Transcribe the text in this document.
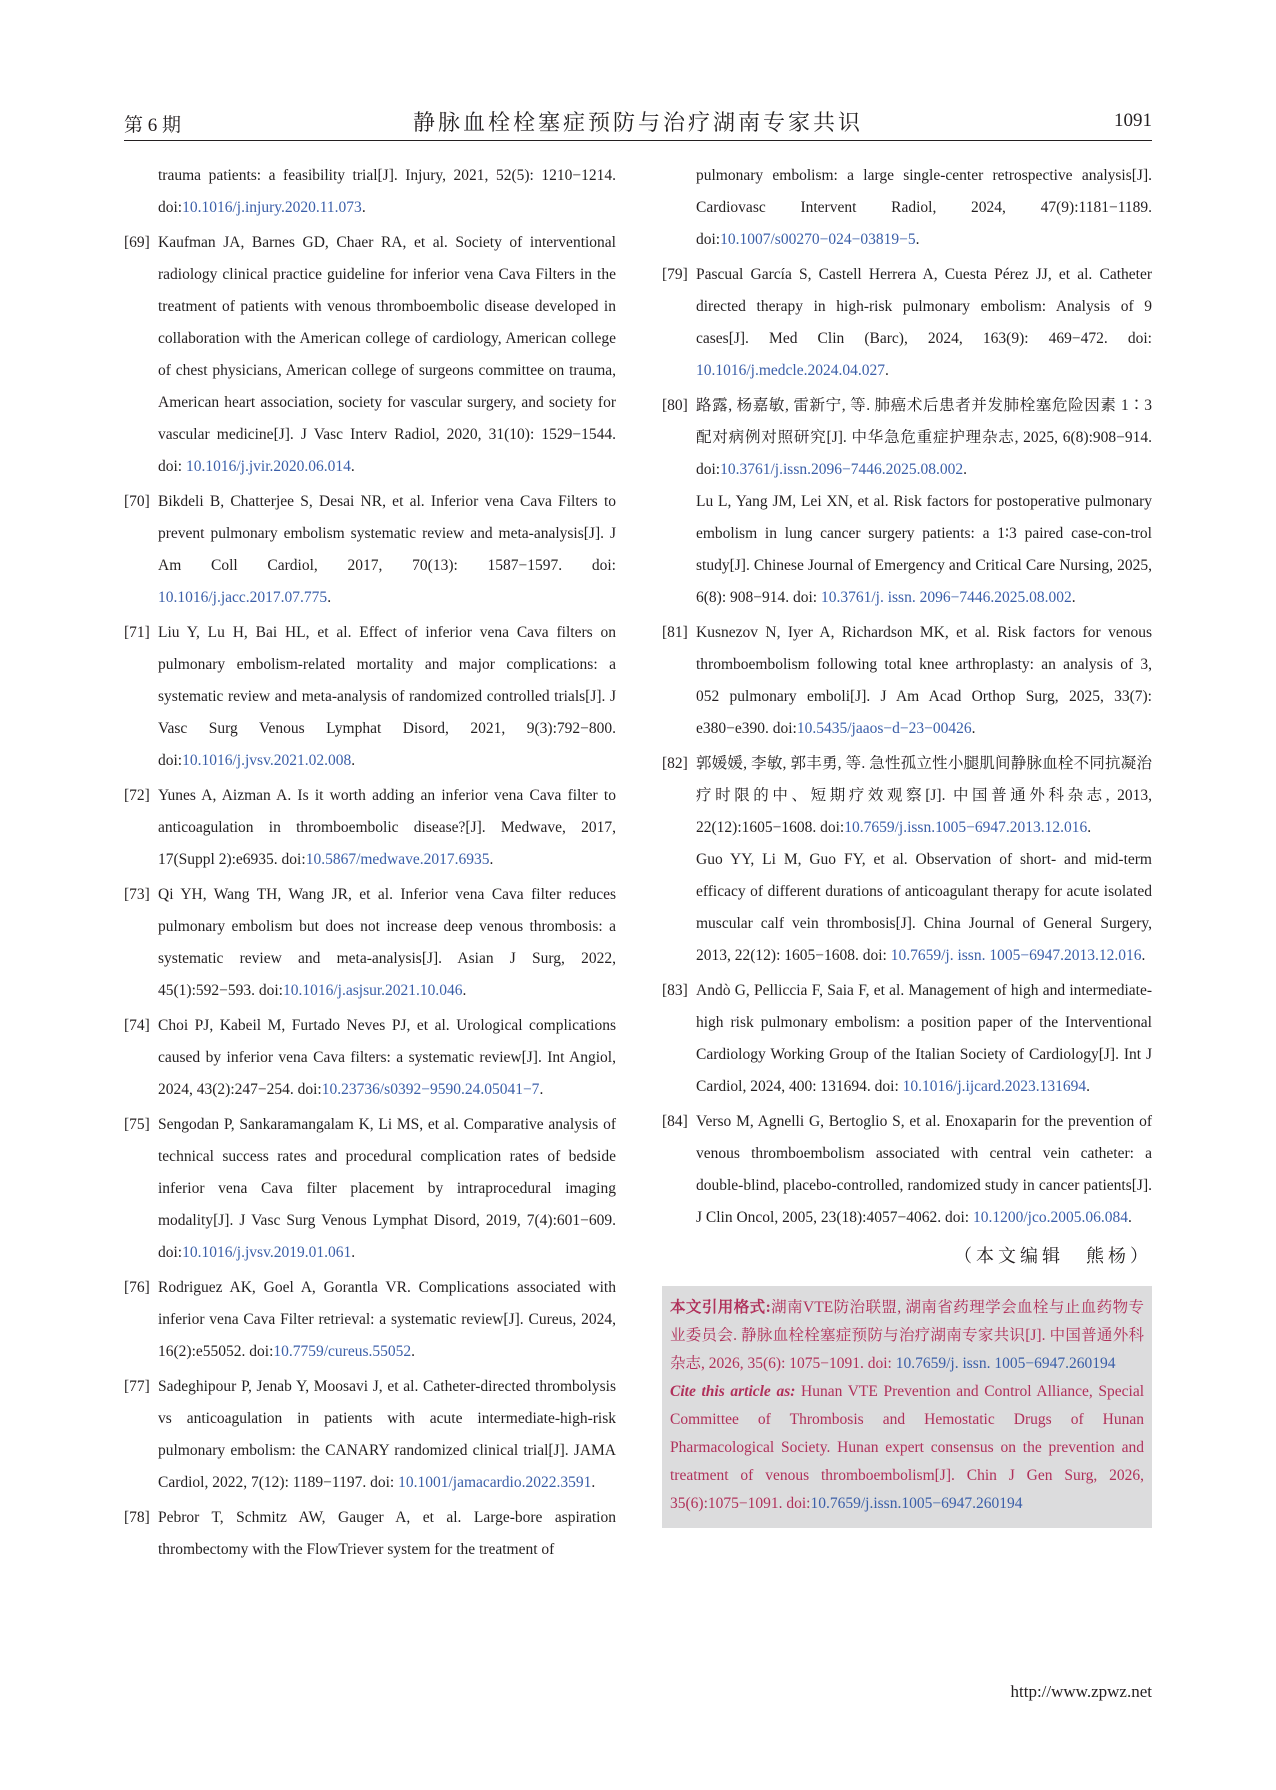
第 6 期	静脉血栓栓塞症预防与治疗湖南专家共识	1091
trauma patients: a feasibility trial[J]. Injury, 2021, 52(5): 1210−1214. doi:10.1016/j.injury.2020.11.073.
[69] Kaufman JA, Barnes GD, Chaer RA, et al. Society of interventional radiology clinical practice guideline for inferior vena Cava Filters in the treatment of patients with venous thromboembolic disease developed in collaboration with the American college of cardiology, American college of chest physicians, American college of surgeons committee on trauma, American heart association, society for vascular surgery, and society for vascular medicine[J]. J Vasc Interv Radiol, 2020, 31(10): 1529−1544. doi: 10.1016/j.jvir.2020.06.014.
[70] Bikdeli B, Chatterjee S, Desai NR, et al. Inferior vena Cava Filters to prevent pulmonary embolism systematic review and meta-analysis[J]. J Am Coll Cardiol, 2017, 70(13): 1587−1597. doi: 10.1016/j.jacc.2017.07.775.
[71] Liu Y, Lu H, Bai HL, et al. Effect of inferior vena Cava filters on pulmonary embolism-related mortality and major complications: a systematic review and meta-analysis of randomized controlled trials[J]. J Vasc Surg Venous Lymphat Disord, 2021, 9(3):792−800. doi:10.1016/j.jvsv.2021.02.008.
[72] Yunes A, Aizman A. Is it worth adding an inferior vena Cava filter to anticoagulation in thromboembolic disease?[J]. Medwave, 2017, 17(Suppl 2):e6935. doi:10.5867/medwave.2017.6935.
[73] Qi YH, Wang TH, Wang JR, et al. Inferior vena Cava filter reduces pulmonary embolism but does not increase deep venous thrombosis: a systematic review and meta-analysis[J]. Asian J Surg, 2022, 45(1):592−593. doi:10.1016/j.asjsur.2021.10.046.
[74] Choi PJ, Kabeil M, Furtado Neves PJ, et al. Urological complications caused by inferior vena Cava filters: a systematic review[J]. Int Angiol, 2024, 43(2):247−254. doi:10.23736/s0392−9590.24.05041−7.
[75] Sengodan P, Sankaramangalam K, Li MS, et al. Comparative analysis of technical success rates and procedural complication rates of bedside inferior vena Cava filter placement by intraprocedural imaging modality[J]. J Vasc Surg Venous Lymphat Disord, 2019, 7(4):601−609. doi:10.1016/j.jvsv.2019.01.061.
[76] Rodriguez AK, Goel A, Gorantla VR. Complications associated with inferior vena Cava Filter retrieval: a systematic review[J]. Cureus, 2024, 16(2):e55052. doi:10.7759/cureus.55052.
[77] Sadeghipour P, Jenab Y, Moosavi J, et al. Catheter-directed thrombolysis vs anticoagulation in patients with acute intermediate-high-risk pulmonary embolism: the CANARY randomized clinical trial[J]. JAMA Cardiol, 2022, 7(12): 1189−1197. doi: 10.1001/jamacardio.2022.3591.
[78] Pebror T, Schmitz AW, Gauger A, et al. Large-bore aspiration thrombectomy with the FlowTriever system for the treatment of
pulmonary embolism: a large single-center retrospective analysis[J]. Cardiovasc Intervent Radiol, 2024, 47(9):1181−1189. doi:10.1007/s00270−024−03819−5.
[79] Pascual García S, Castell Herrera A, Cuesta Pérez JJ, et al. Catheter directed therapy in high-risk pulmonary embolism: Analysis of 9 cases[J]. Med Clin (Barc), 2024, 163(9): 469−472. doi: 10.1016/j.medcle.2024.04.027.
[80] 路露, 杨嘉敏, 雷新宁, 等. 肺癌术后患者并发肺栓塞危险因素 1∶3 配对病例对照研究[J]. 中华急危重症护理杂志, 2025, 6(8):908−914. doi:10.3761/j.issn.2096−7446.2025.08.002.
Lu L, Yang JM, Lei XN, et al. Risk factors for postoperative pulmonary embolism in lung cancer surgery patients: a 1∶3 paired case-con-trol study[J]. Chinese Journal of Emergency and Critical Care Nursing, 2025, 6(8): 908−914. doi: 10.3761/j. issn. 2096−7446.2025.08.002.
[81] Kusnezov N, Iyer A, Richardson MK, et al. Risk factors for venous thromboembolism following total knee arthroplasty: an analysis of 3, 052 pulmonary emboli[J]. J Am Acad Orthop Surg, 2025, 33(7): e380−e390. doi:10.5435/jaaos−d−23−00426.
[82] 郭媛媛, 李敏, 郭丰勇, 等. 急性孤立性小腿肌间静脉血栓不同抗凝治疗时限的中、短期疗效观察[J]. 中国普通外科杂志, 2013, 22(12):1605−1608. doi:10.7659/j.issn.1005−6947.2013.12.016.
Guo YY, Li M, Guo FY, et al. Observation of short- and mid-term efficacy of different durations of anticoagulant therapy for acute isolated muscular calf vein thrombosis[J]. China Journal of General Surgery, 2013, 22(12): 1605−1608. doi: 10.7659/j. issn. 1005−6947.2013.12.016.
[83] Andò G, Pelliccia F, Saia F, et al. Management of high and intermediate-high risk pulmonary embolism: a position paper of the Interventional Cardiology Working Group of the Italian Society of Cardiology[J]. Int J Cardiol, 2024, 400: 131694. doi: 10.1016/j.ijcard.2023.131694.
[84] Verso M, Agnelli G, Bertoglio S, et al. Enoxaparin for the prevention of venous thromboembolism associated with central vein catheter: a double-blind, placebo-controlled, randomized study in cancer patients[J]. J Clin Oncol, 2005, 23(18):4057−4062. doi: 10.1200/jco.2005.06.084.
（本文编辑　熊杨）

本文引用格式:湖南VTE防治联盟, 湖南省药理学会血栓与止血药物专业委员会. 静脉血栓栓塞症预防与治疗湖南专家共识[J]. 中国普通外科杂志, 2026, 35(6): 1075−1091. doi: 10.7659/j. issn. 1005−6947.260194

Cite this article as: Hunan VTE Prevention and Control Alliance, Special Committee of Thrombosis and Hemostatic Drugs of Hunan Pharmacological Society. Hunan expert consensus on the prevention and treatment of venous thromboembolism[J]. Chin J Gen Surg, 2026, 35(6):1075−1091. doi:10.7659/j.issn.1005−6947.260194

http://www.zpwz.net
